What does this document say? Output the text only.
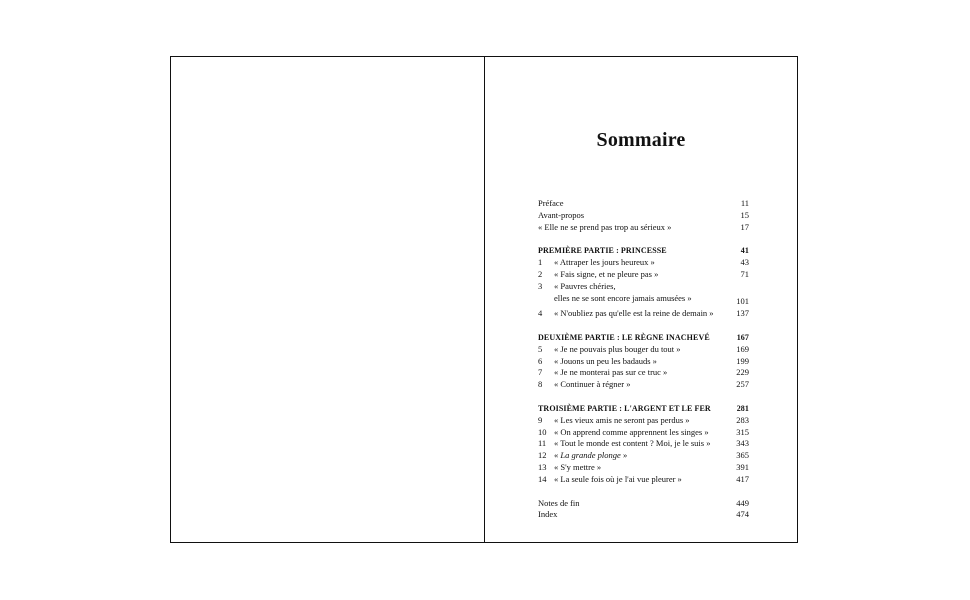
Sommaire
Préface	11
Avant-propos	15
« Elle ne se prend pas trop au sérieux »	17
PREMIÈRE PARTIE : PRINCESSE	41
1	« Attraper les jours heureux »	43
2	« Fais signe, et ne pleure pas »	71
3	« Pauvres chéries,
elles ne se sont encore jamais amusées »	101
4	« N'oubliez pas qu'elle est la reine de demain »	137
DEUXIÈME PARTIE : LE RÈGNE INACHEVÉ	167
5	« Je ne pouvais plus bouger du tout »	169
6	« Jouons un peu les badauds »	199
7	« Je ne monterai pas sur ce truc »	229
8	« Continuer à régner »	257
TROISIÈME PARTIE : L'ARGENT ET LE FER	281
9	« Les vieux amis ne seront pas perdus »	283
10 « On apprend comme apprennent les singes »	315
11 « Tout le monde est content ? Moi, je le suis »	343
12 « La grande plonge »	365
13 « S'y mettre »	391
14 « La seule fois où je l'ai vue pleurer »	417
Notes de fin	449
Index	474
